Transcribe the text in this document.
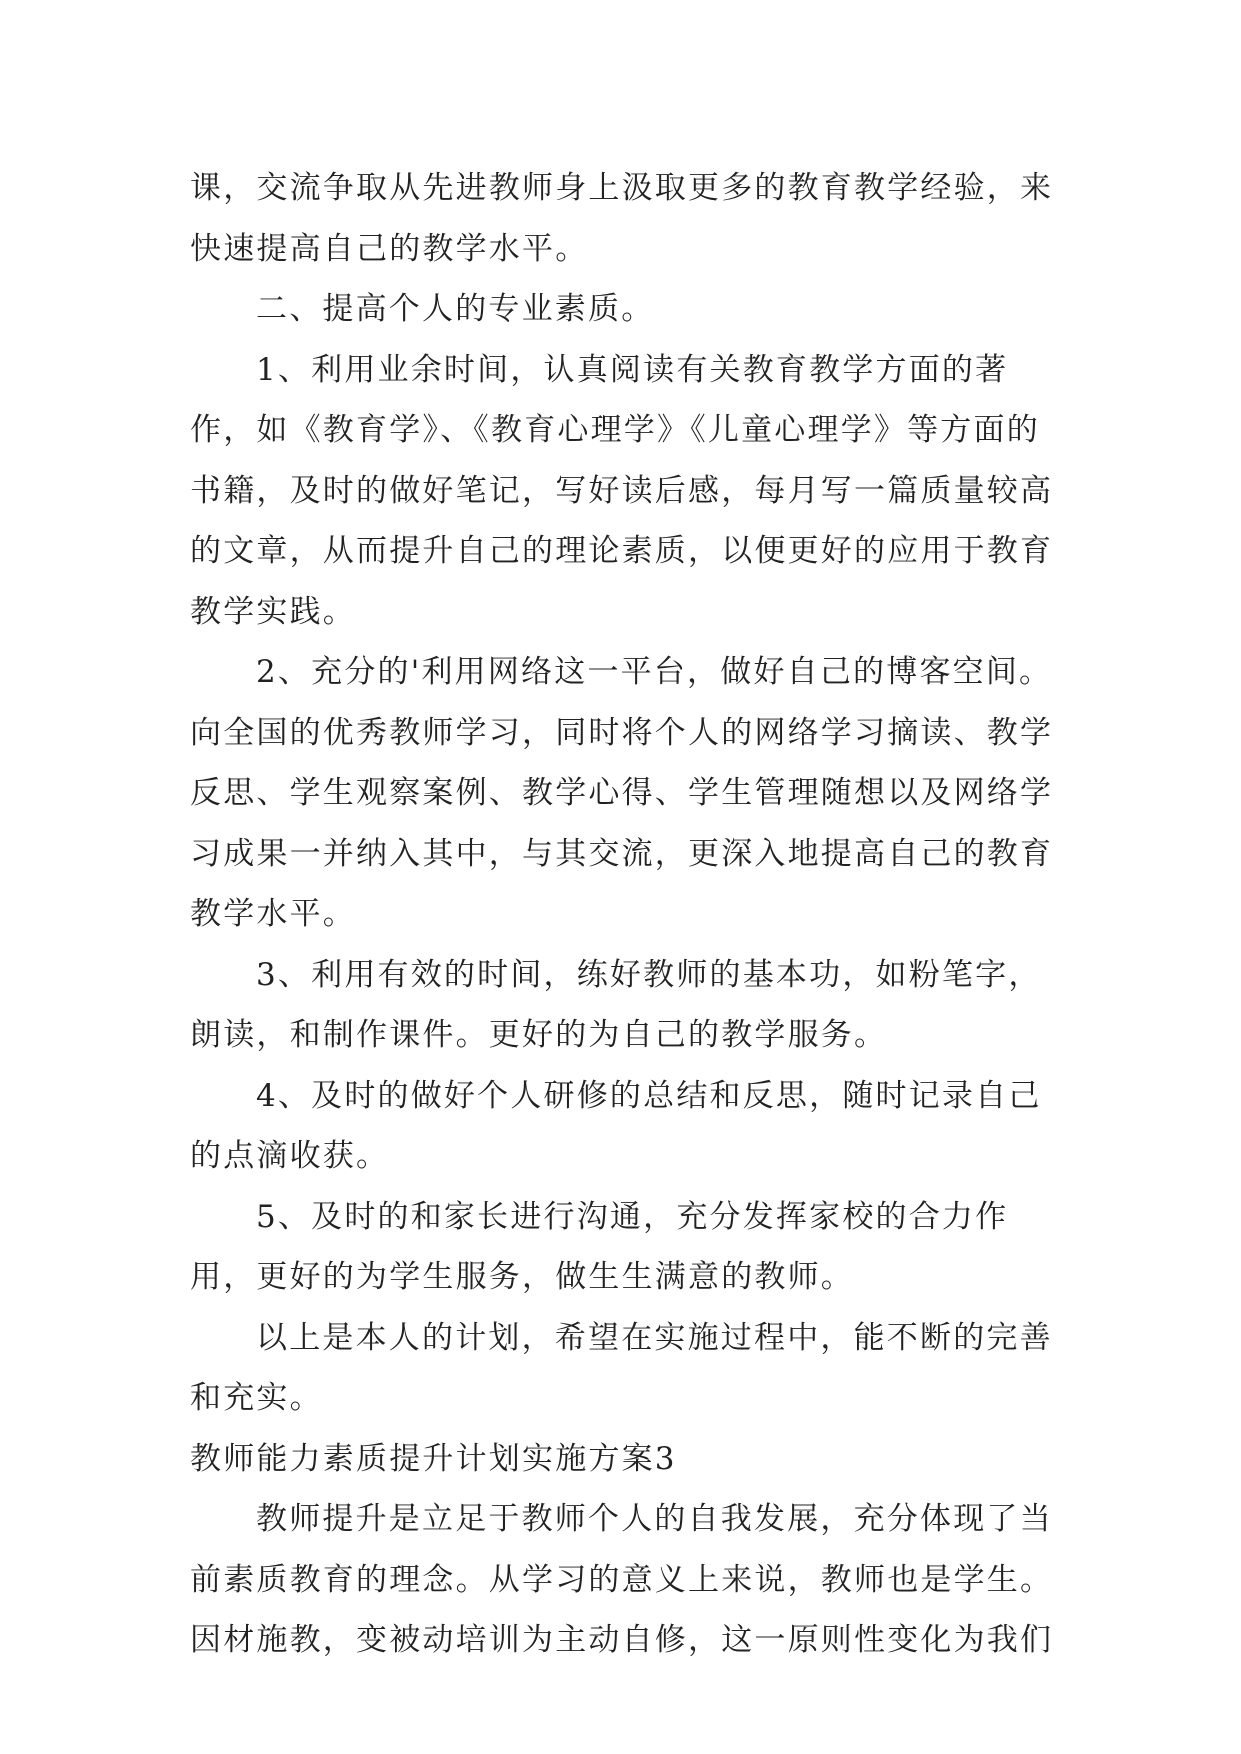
课，交流争取从先进教师身上汲取更多的教育教学经验，来快速提高自己的教学水平。

二、提高个人的专业素质。

1、利用业余时间，认真阅读有关教育教学方面的著作，如《教育学》、《教育心理学》《儿童心理学》等方面的书籍，及时的做好笔记，写好读后感，每月写一篇质量较高的文章，从而提升自己的理论素质，以便更好的应用于教育教学实践。

2、充分的'利用网络这一平台，做好自己的博客空间。向全国的优秀教师学习，同时将个人的网络学习摘读、教学反思、学生观察案例、教学心得、学生管理随想以及网络学习成果一并纳入其中，与其交流，更深入地提高自己的教育教学水平。

3、利用有效的时间，练好教师的基本功，如粉笔字，朗读，和制作课件。更好的为自己的教学服务。

4、及时的做好个人研修的总结和反思，随时记录自己的点滴收获。

5、及时的和家长进行沟通，充分发挥家校的合力作用，更好的为学生服务，做生生满意的教师。

以上是本人的计划，希望在实施过程中，能不断的完善和充实。

教师能力素质提升计划实施方案3

教师提升是立足于教师个人的自我发展，充分体现了当前素质教育的理念。从学习的意义上来说，教师也是学生。因材施教，变被动培训为主动自修，这一原则性变化为我们
